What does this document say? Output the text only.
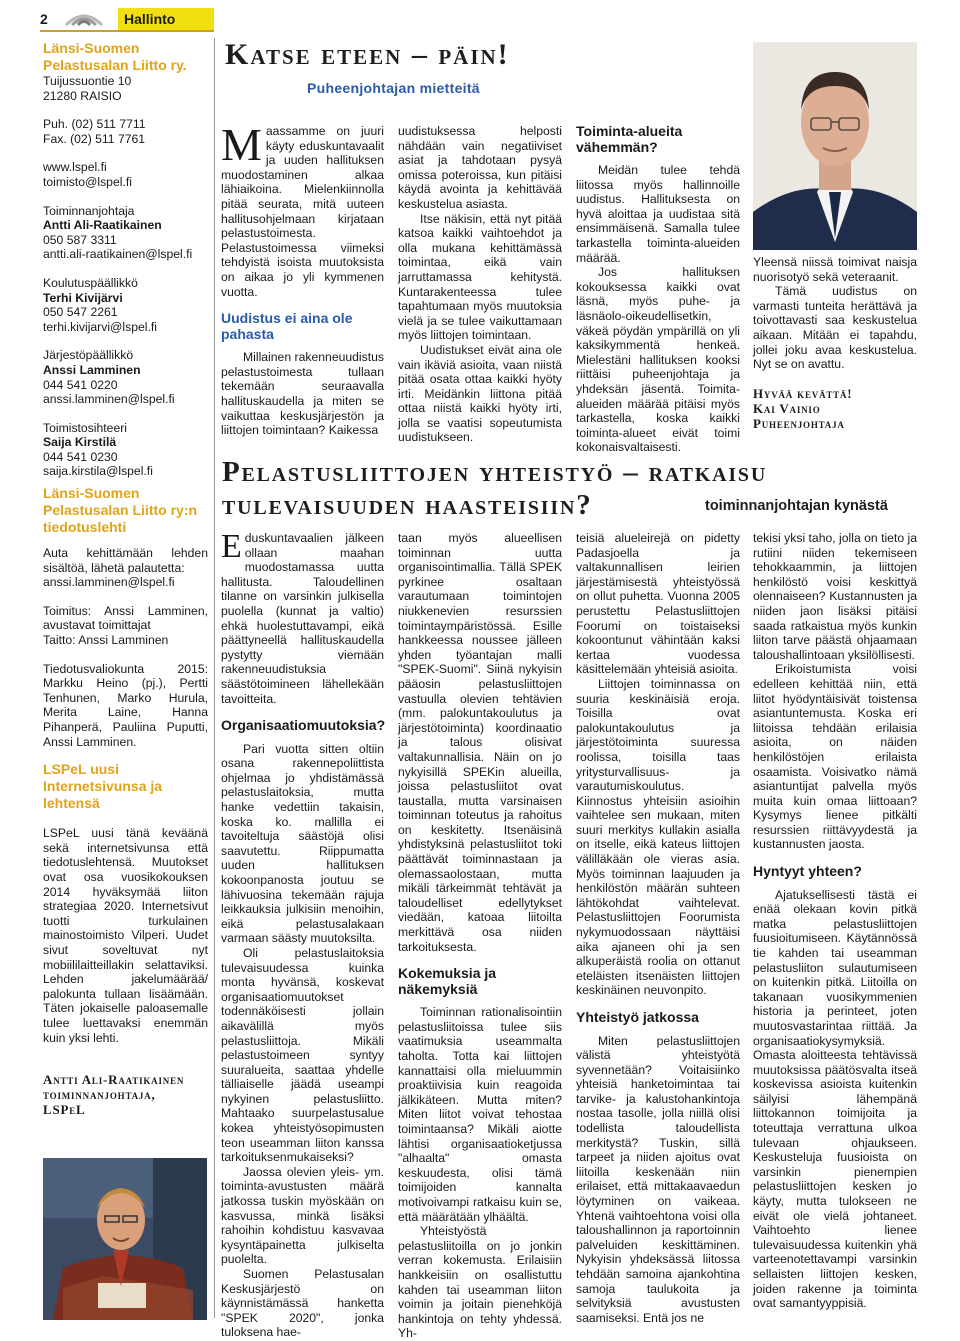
2	Hallinto
Länsi-Suomen Pelastusalan Liitto ry.
Tuijussuontie 10
21280 RAISIO
Puh. (02) 511 7711
Fax. (02) 511 7761
www.lspel.fi
toimisto@lspel.fi
Toiminnanjohtaja
Antti Ali-Raatikainen
050 587 3311
antti.ali-raatikainen@lspel.fi
Koulutuspäällikkö
Terhi Kivijärvi
050 547 2261
terhi.kivijarvi@lspel.fi
Järjestöpäällikkö
Anssi Lamminen
044 541 0220
anssi.lamminen@lspel.fi
Toimistosihteeri
Saija Kirstilä
044 541 0230
saija.kirstila@lspel.fi
Länsi-Suomen Pelastusalan Liitto ry:n tiedotuslehti
Auta kehittämään lehden sisältöä, lähetä palautetta:
anssi.lamminen@lspel.fi
Toimitus: Anssi Lamminen, avustavat toimittajat
Taitto: Anssi Lamminen
Tiedotusvaliokunta 2015: Markku Heino (pj.), Pertti Tenhunen, Marko Hurula, Merita Laine, Hanna Pihanperä, Pauliina Puputti, Anssi Lamminen.
LSPeL uusi Internetsivunsa ja lehtensä
LSPeL uusi tänä keväänä sekä internetsivunsa että tiedotuslehtensä. Muutokset ovat osa vuosikokouksen 2014 hyväksymää liiton strategiaa 2020. Internetsivut tuotti turkulainen mainostoimisto Vilperi. Uudet sivut soveltuvat nyt mobiililaitteillakin selattaviksi. Lehden jakelumäärää/ palokunta tullaan lisäämään. Täten jokaiselle paloasemalle tulee luettavaksi enemmän kuin yksi lehti.
Antti Ali-Raatikainen
toiminnanjohtaja,
LSPeL
Katse eteen – päin!
Puheenjohtajan mietteitä

Maassamme on juuri käyty eduskuntavaalit ja uuden hallituksen muodostaminen alkaa lähiaikoina. Mielenkiinnolla pitää seurata, mitä uuteen hallitusohjelmaan kirjataan pelastustoimesta. Pelastustoimessa viimeksi tehdyistä isoista muutoksista on aikaa jo yli kymmenen vuotta.

Uudistus ei aina ole pahasta

Millainen rakenneuudistus pelastustoimesta tullaan tekemään seuraavalla hallituskaudella ja miten se vaikuttaa keskusjärjestön ja liittojen toimintaan? Kaikessa

uudistuksessa helposti nähdään vain negatiiviset asiat ja tahdotaan pysyä omissa poteroissa, kun pitäisi käydä avointa ja kehittävää keskustelua asiasta.

Itse näkisin, että nyt pitää katsoa kaikki vaihtoehdot ja olla mukana kehittämässä toimintaa, eikä vain jarruttamassa kehitystä. Kuntarakenteessa tulee tapahtumaan myös muutoksia vielä ja se tulee vaikuttamaan myös liittojen toimintaan.

Uudistukset eivät aina ole vain ikäviä asioita, vaan niistä pitää osata ottaa kaikki hyöty irti. Meidänkin liittona pitää ottaa niistä kaikki hyöty irti, jolla se vaatisi sopeutumista uudistukseen.

Toiminta-alueita vähemmän?

Meidän tulee tehdä liitossa myös hallinnoille uudistus. Hallituksesta on hyvä aloittaa ja uudistaa sitä ensimmäisenä. Samalla tulee tarkastella toiminta-alueiden määrää.

Jos hallituksen kokouksessa kaikki ovat läsnä, myös puhe- ja läsnäolo-oikeudellisetkin, väkeä pöydän ympärillä on yli kaksikymmentä henkeä. Mielestäni hallituksen kooksi riittäisi puheenjohtaja ja yhdeksän jäsentä. Toimita-alueiden määrää pitäisi myös tarkastella, koska kaikki toiminta-alueet eivät toimi kokonaisvaltaisesti.

Yleensä niissä toimivat naisja nuorisotyö sekä veteraanit.

Tämä uudistus on varmasti tunteita herättävä ja toivottavasti saa keskustelua aikaan. Mitään ei tapahdu, jollei joku avaa keskustelua. Nyt se on avattu.

Hyvää kevättä!
Kai Vainio
Puheenjohtaja
Pelastusliittojen yhteistyö – ratkaisu tulevaisuuden haasteisiin?	toiminnanjohtajan kynästä

Eduskuntavaalien jälkeen ollaan maahan muodostamassa uutta hallitusta. Taloudellinen tilanne on varsinkin julkisella puolella (kunnat ja valtio) ehkä huolestuttavampi, eikä päättyneellä hallituskaudella pystytty viemään rakenneuudistuksia säästötoimineen lähellekään tavoitteita.

Organisaatiomuutoksia?

Pari vuotta sitten oltiin osana rakennepoliittista ohjelmaa jo yhdistämässä pelastuslaitoksia, mutta hanke vedettiin takaisin, koska ko. mallilla ei tavoiteltuja säästöjä olisi saavutettu. Riippumatta uuden hallituksen kokoonpanosta joutuu se lähivuosina tekemään rajuja leikkauksia julkisiin menoihin, eikä pelastusalakaan varmaan säästy muutoksilta.

Oli pelastuslaitoksia tulevaisuudessa kuinka monta hyvänsä, koskevat organisaatiomuutokset todennäköisesti jollain aikavälillä myös pelastusliittoja. Mikäli pelastustoimeen syntyy suuralueita, saattaa yhdelle tälliaiselle jäädä useampi nykyinen pelastusliitto. Mahtaako suurpelastusalue kokea yhteistyösopimusten teon useamman liiton kanssa tarkoituksenmukaiseksi?

Jaossa olevien yleis- ym. toiminta-avustusten määrä jatkossa tuskin myöskään on kasvussa, minkä lisäksi rahoihin kohdistuu kasvavaa kysyntäpainetta julkiselta puolelta.

Suomen Pelastusalan Keskusjärjestö on käynnistämässä hanketta "SPEK 2020", jonka tuloksena hae-

taan myös alueellisen toiminnan uutta organisointimallia. Tällä SPEK pyrkinee osaltaan varautumaan toimintojen niukkenevien resurssien toimintaympäristössä. Esille hankkeessa noussee jälleen yhden työantajan malli "SPEK-Suomi". Siinä nykyisin pääosin pelastusliittojen vastuulla olevien tehtävien (mm. palokuntakoulutus ja järjestötoiminta) koordinaatio ja talous olisivat valtakunnallisia. Näin on jo nykyisillä SPEKin alueilla, joissa pelastusliitot ovat taustalla, mutta varsinaisen toiminnan toteutus ja rahoitus on keskitetty. Itsenäisinä yhdistyksinä pelastusliitot toki päättävät toiminnastaan ja olemassaolostaan, mutta mikäli tärkeimmät tehtävät ja taloudelliset edellytykset viedään, katoaa liitoilta merkittävä osa niiden tarkoituksesta.

Kokemuksia ja näkemyksiä

Toiminnan rationalisointiin pelastusliitoissa tulee siis vaatimuksia useammalta taholta. Totta kai liittojen kannattaisi olla mieluummin proaktiivisia kuin reagoida jälkikäteen. Mutta miten? Miten liitot voivat tehostaa toimintaansa? Mikäli aiotte lähtisi organisaatioketjussa "alhaalta" omasta keskuudesta, olisi tämä toimijoiden kannalta motivoivampi ratkaisu kuin se, että määrätään ylhäältä.

Yhteistyöstä pelastusliitoilla on jo jonkin verran kokemusta. Erilaisiin hankkeisiin on osallistuttu kahden tai useamman liiton voimin ja joitain pienehköjä hankintoja on tehty yhdessä. Yh-

teisiä alueleirejä on pidetty Padasjoella ja valtakunnallisen leirien järjestämisestä yhteistyössä on ollut puhetta. Vuonna 2005 perustettu Pelastusliittojen Foorumi on toistaiseksi kokoontunut vähintään kaksi kertaa vuodessa käsittelemään yhteisiä asioita.

Liittojen toiminnassa on suuria keskinäisiä eroja. Toisilla ovat palokuntakoulutus ja järjestötoiminta suuressa roolissa, toisilla taas yritysturvallisuus- ja varautumiskoulutus. Kiinnostus yhteisiin asioihin vaihtelee sen mukaan, miten suuri merkitys kullakin asialla on itselle, eikä kateus liittojen välilläkään ole vieras asia. Myös toiminnan laajuuden ja henkilöstön määrän suhteen lähtökohdat vaihtelevat. Pelastusliittojen Foorumista nykymuodossaan näyttäisi aika ajaneen ohi ja sen alkuperäistä roolia on ottanut eteläisten itsenäisten liittojen keskinäinen neuvonpito.

Yhteistyö jatkossa

Miten pelastusliittojen välistä yhteistyötä syvennetään? Voitaisiinko yhteisiä hanketoimintaa tai tarvike- ja kalustohankintoja nostaa tasolle, jolla niillä olisi todellista taloudellista merkitystä? Tuskin, sillä tarpeet ja niiden ajoitus ovat liitoilla keskenään niin erilaiset, että mittakaavaedun löytyminen on vaikeaa. Yhtenä vaihtoehtona voisi olla taloushallinnon ja raportoinnin palveluiden keskittäminen. Nykyisin yhdeksässä liitossa tehdään samoina ajankohtina samoja taulukoita ja selvityksiä avustusten saamiseksi. Entä jos ne

tekisi yksi taho, jolla on tieto ja rutiini niiden tekemiseen tehokkaammin, ja liittojen henkilöstö voisi keskittyä olennaiseen? Kustannusten ja niiden jaon lisäksi pitäisi saada ratkaistua myös kunkin liiton tarve päästä ohjaamaan taloushallintoaan yksilöllisesti.

Erikoistumista voisi edelleen kehittää niin, että liitot hyödyntäisivät toistensa asiantuntemusta. Koska eri liitoissa tehdään erilaisia asioita, on näiden henkilöstöjen erilaista osaamista. Voisivatko nämä asiantuntijat palvella myös muita kuin omaa liittoaan? Kysymys lienee pitkälti resurssien riittävyydestä ja kustannusten jaosta.

Hyntyyt yhteen?

Ajatuksellisesti tästä ei enää olekaan kovin pitkä matka pelastusliittojen fuusioitumiseen. Käytännössä tie kahden tai useamman pelastusliiton sulautumiseen on kuitenkin pitkä. Liitoilla on takanaan vuosikymmenien historia ja perinteet, joten muutosvastarintaa riittää. Ja organisaatiokysymyksiä. Omasta aloitteesta tehtävissä muutoksissa päätösvalta itseä koskevissa asioista kuitenkin säilyisi lähempänä liittokannon toimijoita ja toteuttaja verrattuna ulkoa tulevaan ohjaukseen. Keskusteluja fuusioista on varsinkin pienempien pelastusliittojen kesken jo käyty, mutta tulokseen ne eivät ole vielä johtaneet. Vaihtoehto lienee tulevaisuudessa kuitenkin yhä varteenotettavampi varsinkin sellaisten liittojen kesken, joiden rakenne ja toiminta ovat samantyyppisiä.
